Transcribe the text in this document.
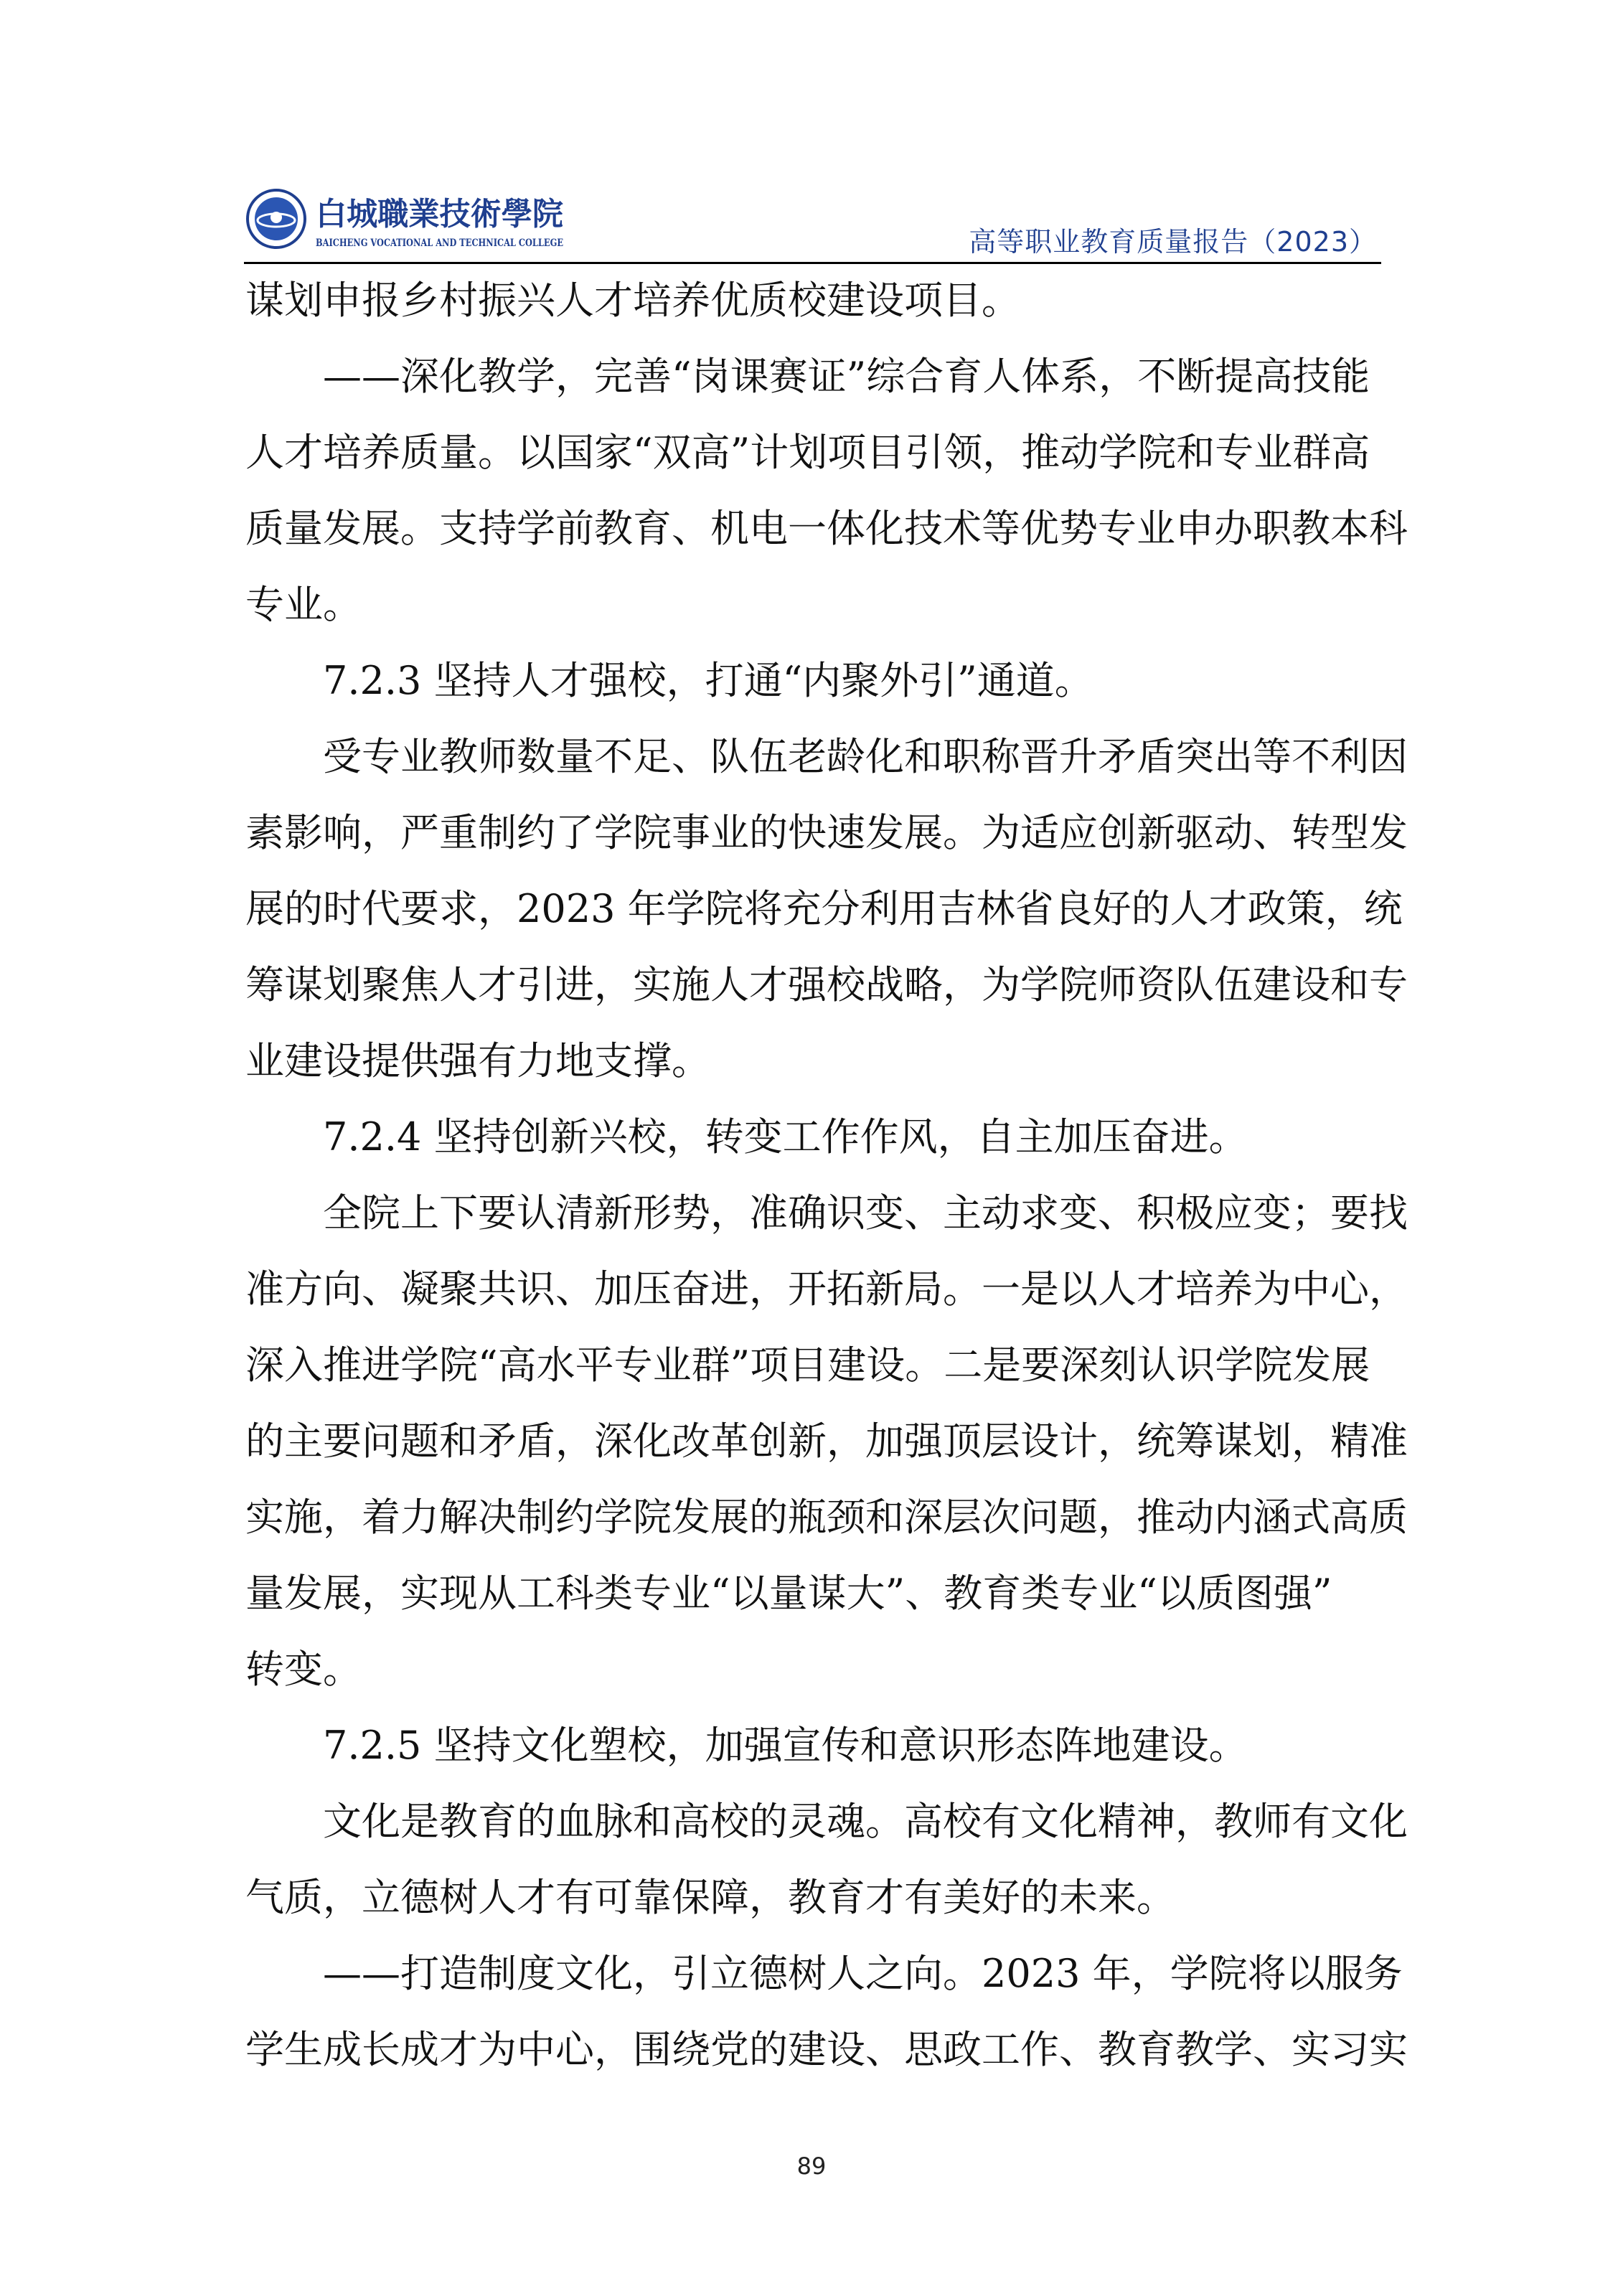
白城職業技術學院
BAICHENG VOCATIONAL AND TECHNICAL COLLEGE	高等职业教育质量报告（2023）
谋划申报乡村振兴人才培养优质校建设项目。
——深化教学，完善“岗课赛证”综合育人体系，不断提高技能
人才培养质量。以国家“双高”计划项目引领，推动学院和专业群高
质量发展。支持学前教育、机电一体化技术等优势专业申办职教本科
专业。
7.2.3 坚持人才强校，打通“内聚外引”通道。
受专业教师数量不足、队伍老龄化和职称晋升矛盾突出等不利因
素影响，严重制约了学院事业的快速发展。为适应创新驱动、转型发
展的时代要求，2023 年学院将充分利用吉林省良好的人才政策，统
筹谋划聚焦人才引进，实施人才强校战略，为学院师资队伍建设和专
业建设提供强有力地支撑。
7.2.4 坚持创新兴校，转变工作作风，自主加压奋进。
全院上下要认清新形势，准确识变、主动求变、积极应变；要找
准方向、凝聚共识、加压奋进，开拓新局。一是以人才培养为中心，
深入推进学院“高水平专业群”项目建设。二是要深刻认识学院发展
的主要问题和矛盾，深化改革创新，加强顶层设计，统筹谋划，精准
实施，着力解决制约学院发展的瓶颈和深层次问题，推动内涵式高质
量发展，实现从工科类专业“以量谋大”、教育类专业“以质图强”
转变。
7.2.5 坚持文化塑校，加强宣传和意识形态阵地建设。
文化是教育的血脉和高校的灵魂。高校有文化精神，教师有文化
气质，立德树人才有可靠保障，教育才有美好的未来。
——打造制度文化，引立德树人之向。2023 年，学院将以服务
学生成长成才为中心，围绕党的建设、思政工作、教育教学、实习实
89
